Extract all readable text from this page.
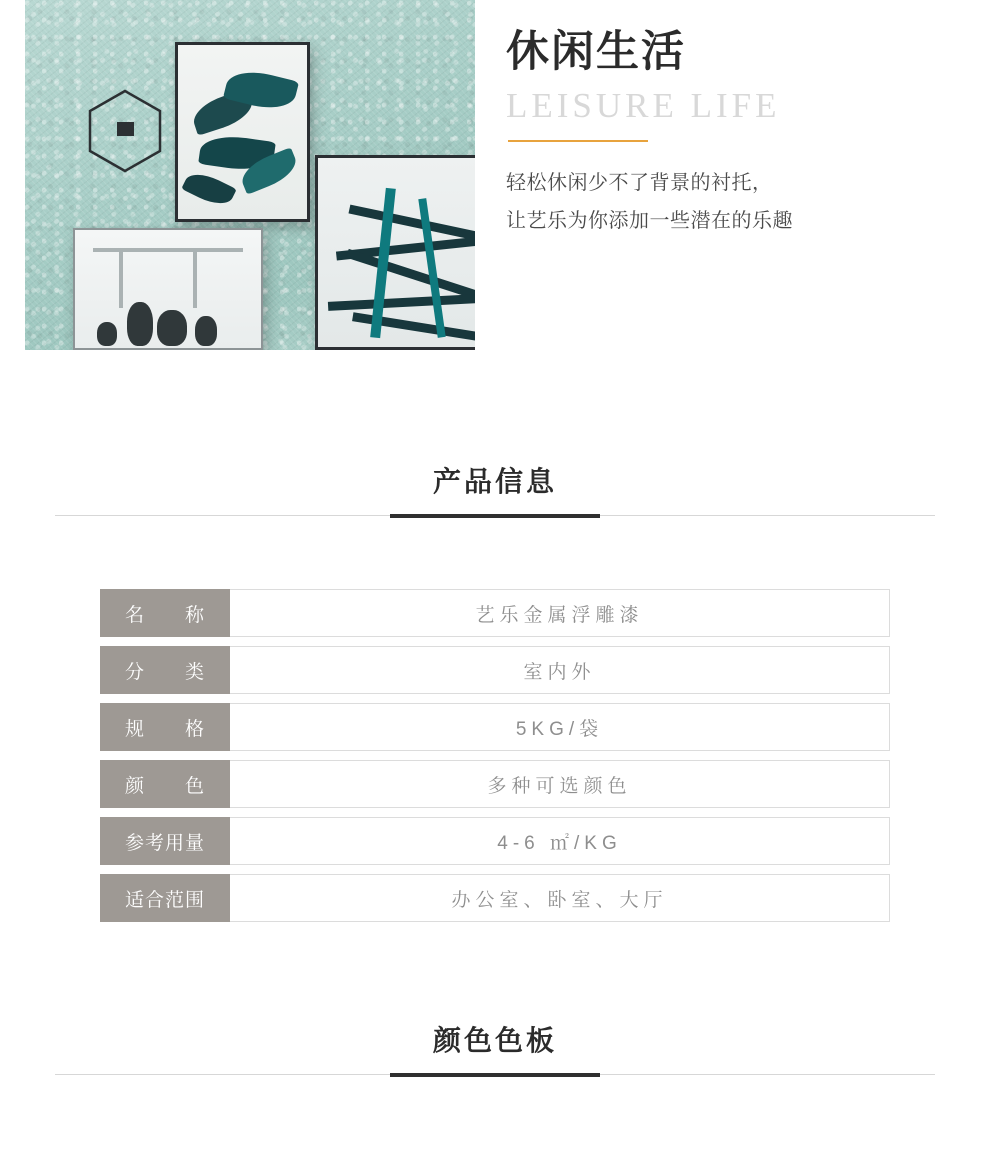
休闲生活

LEISURE LIFE

轻松休闲少不了背景的衬托，
让艺乐为你添加一些潜在的乐趣
产品信息
名　　称	艺乐金属浮雕漆
分　　类	室内外
规　　格	5KG/袋
颜　　色	多种可选颜色
参考用量	4-6 ㎡/KG
适合范围	办公室、卧室、大厅
颜色色板
